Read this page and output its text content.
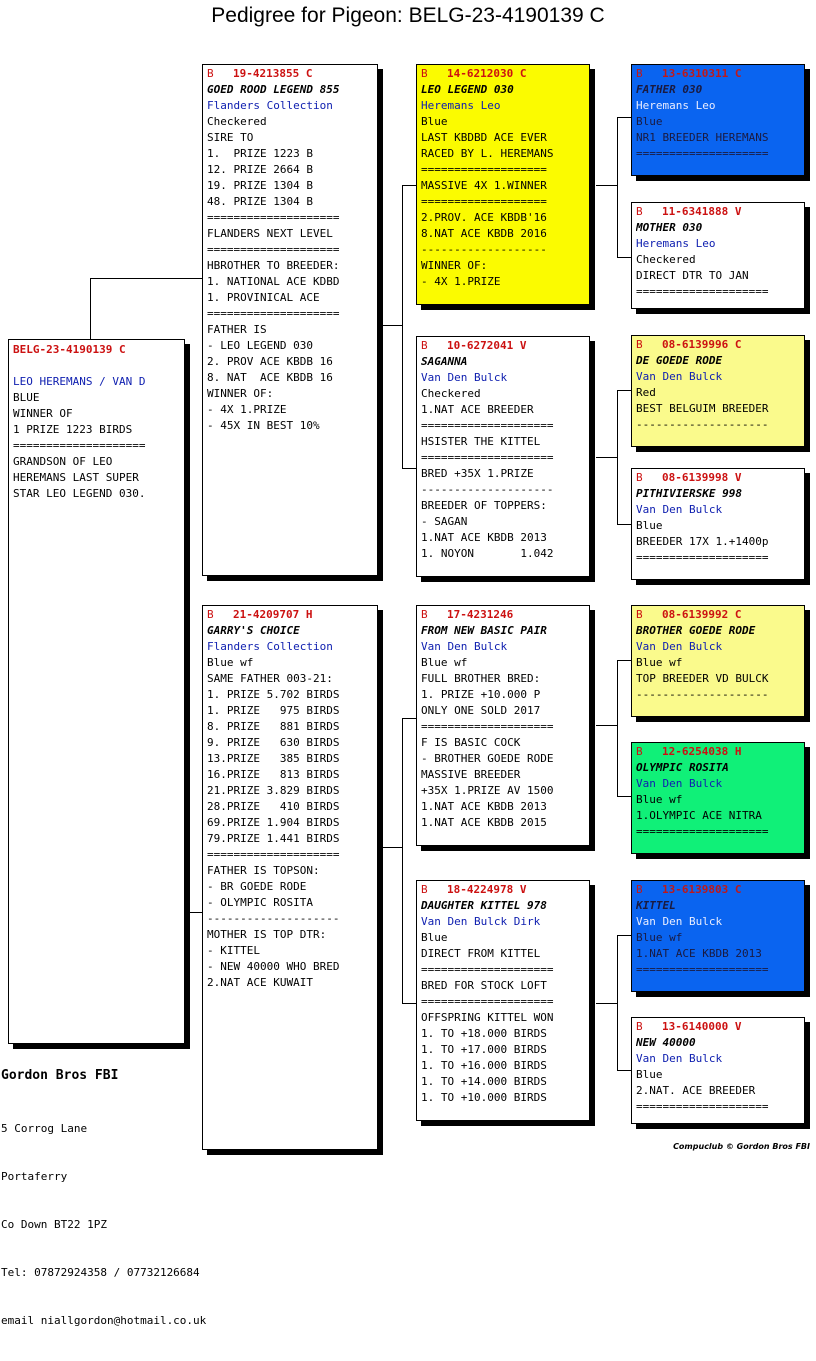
Pedigree for Pigeon: BELG-23-4190139 C
BELG-23-4190139 C
LEO HEREMANS / VAN D
BLUE
WINNER OF
1 PRIZE 1223 BIRDS
====================
GRANDSON OF LEO
HEREMANS LAST SUPER
STAR LEO LEGEND 030.
B	19-4213855 C
GOED ROOD LEGEND 855
Flanders Collection
Checkered
SIRE TO
1.  PRIZE 1223 B
12. PRIZE 2664 B
19. PRIZE 1304 B
48. PRIZE 1304 B
====================
FLANDERS NEXT LEVEL
====================
HBROTHER TO BREEDER:
1. NATIONAL ACE KDBD
1. PROVINICAL ACE
====================
FATHER IS
- LEO LEGEND 030
2. PROV ACE KBDB 16
8. NAT  ACE KBDB 16
WINNER OF:
- 4X 1.PRIZE
- 45X IN BEST 10%
B	21-4209707 H
GARRY'S CHOICE
Flanders Collection
Blue wf
SAME FATHER 003-21:
1. PRIZE 5.702 BIRDS
1. PRIZE   975 BIRDS
8. PRIZE   881 BIRDS
9. PRIZE   630 BIRDS
13.PRIZE   385 BIRDS
16.PRIZE   813 BIRDS
21.PRIZE 3.829 BIRDS
28.PRIZE   410 BIRDS
69.PRIZE 1.904 BIRDS
79.PRIZE 1.441 BIRDS
====================
FATHER IS TOPSON:
- BR GOEDE RODE
- OLYMPIC ROSITA
--------------------
MOTHER IS TOP DTR:
- KITTEL
- NEW 40000 WHO BRED
2.NAT ACE KUWAIT
B	14-6212030 C
LEO LEGEND 030
Heremans Leo
Blue
LAST KBDBD ACE EVER
RACED BY L. HEREMANS
===================
MASSIVE 4X 1.WINNER
===================
2.PROV. ACE KBDB'16
8.NAT ACE KBDB 2016
-------------------
WINNER OF:
- 4X 1.PRIZE
B	10-6272041 V
SAGANNA
Van Den Bulck
Checkered
1.NAT ACE BREEDER
====================
HSISTER THE KITTEL
====================
BRED +35X 1.PRIZE
--------------------
BREEDER OF TOPPERS:
- SAGAN
1.NAT ACE KBDB 2013
1. NOYON       1.042
B	17-4231246
FROM NEW BASIC PAIR
Van Den Bulck
Blue wf
FULL BROTHER BRED:
1. PRIZE +10.000 P
ONLY ONE SOLD 2017
====================
F IS BASIC COCK
- BROTHER GOEDE RODE
MASSIVE BREEDER
+35X 1.PRIZE AV 1500
1.NAT ACE KBDB 2013
1.NAT ACE KBDB 2015
B	18-4224978 V
DAUGHTER KITTEL 978
Van Den Bulck Dirk
Blue
DIRECT FROM KITTEL
====================
BRED FOR STOCK LOFT
====================
OFFSPRING KITTEL WON
1. TO +18.000 BIRDS
1. TO +17.000 BIRDS
1. TO +16.000 BIRDS
1. TO +14.000 BIRDS
1. TO +10.000 BIRDS
B	13-6310311 C
FATHER 030
Heremans Leo
Blue
NR1 BREEDER HEREMANS
====================
B	11-6341888 V
MOTHER 030
Heremans Leo
Checkered
DIRECT DTR TO JAN
====================
B	08-6139996 C
DE GOEDE RODE
Van Den Bulck
Red
BEST BELGUIM BREEDER
--------------------
B	08-6139998 V
PITHIVIERSKE 998
Van Den Bulck
Blue
BREEDER 17X 1.+1400p
====================
B	08-6139992 C
BROTHER GOEDE RODE
Van Den Bulck
Blue wf
TOP BREEDER VD BULCK
--------------------
B	12-6254038 H
OLYMPIC ROSITA
Van Den Bulck
Blue wf
1.OLYMPIC ACE NITRA
====================
B	13-6139803 C
KITTEL
Van Den Bulck
Blue wf
1.NAT ACE KBDB 2013
====================
B	13-6140000 V
NEW 40000
Van Den Bulck
Blue
2.NAT. ACE BREEDER
====================

Gordon Bros FBI

5 Corrog Lane

Portaferry

Co Down BT22 1PZ

Tel: 07872924358 / 07732126684

email niallgordon@hotmail.co.uk

Compuclub © Gordon Bros FBI
